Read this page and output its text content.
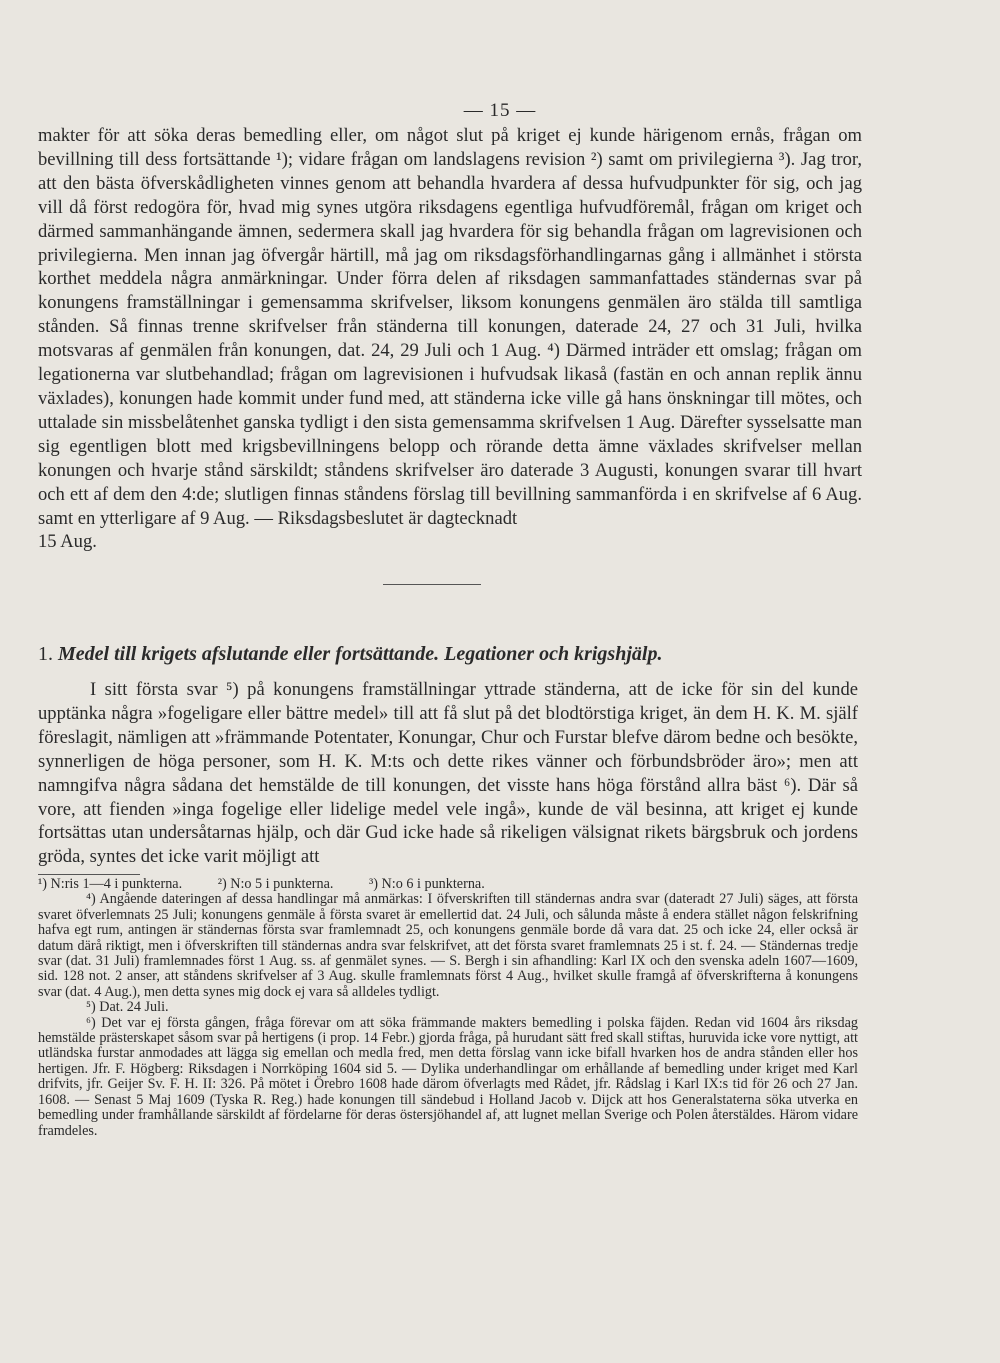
— 15 —

makter för att söka deras bemedling eller, om något slut på kriget ej kunde härigenom ernås, frågan om bevillning till dess fortsättande ¹); vidare frågan om landslagens revision ²) samt om privilegierna ³). Jag tror, att den bästa öfverskådligheten vinnes genom att behandla hvardera af dessa hufvudpunkter för sig, och jag vill då först redogöra för, hvad mig synes utgöra riksdagens egentliga hufvudföremål, frågan om kriget och därmed sammanhängande ämnen, sedermera skall jag hvardera för sig behandla frågan om lagrevisionen och privilegierna. Men innan jag öfvergår härtill, må jag om riksdagsförhandlingarnas gång i allmänhet i största korthet meddela några anmärkningar. Under förra delen af riksdagen sammanfattades ständernas svar på konungens framställningar i gemensamma skrifvelser, liksom konungens genmälen äro stälda till samtliga stånden. Så finnas trenne skrifvelser från ständerna till konungen, daterade 24, 27 och 31 Juli, hvilka motsvaras af genmälen från konungen, dat. 24, 29 Juli och 1 Aug. ⁴) Därmed inträder ett omslag; frågan om legationerna var slutbehandlad; frågan om lagrevisionen i hufvudsak likaså (fastän en och annan replik ännu växlades), konungen hade kommit under fund med, att ständerna icke ville gå hans önskningar till mötes, och uttalade sin missbelåtenhet ganska tydligt i den sista gemensamma skrifvelsen 1 Aug. Därefter sysselsatte man sig egentligen blott med krigsbevillningens belopp och rörande detta ämne växlades skrifvelser mellan konungen och hvarje stånd särskildt; ståndens skrifvelser äro daterade 3 Augusti, konungen svarar till hvart och ett af dem den 4:de; slutligen finnas ståndens förslag till bevillning sammanförda i en skrifvelse af 6 Aug. samt en ytterligare af 9 Aug. — Riksdagsbeslutet är dagtecknadt

15 Aug.

1. Medel till krigets afslutande eller fortsättande. Legationer och krigshjälp.

I sitt första svar ⁵) på konungens framställningar yttrade ständerna, att de icke för sin del kunde upptänka några »fogeligare eller bättre medel» till att få slut på det blodtörstiga kriget, än dem H. K. M. själf föreslagit, nämligen att »främmande Potentater, Konungar, Chur och Furstar blefve därom bedne och besökte, synnerligen de höga personer, som H. K. M:ts och dette rikes vänner och förbundsbröder äro»; men att namngifva några sådana det hemstälde de till konungen, det visste hans höga förstånd allra bäst ⁶). Där så vore, att fienden »inga fogelige eller lidelige medel vele ingå», kunde de väl besinna, att kriget ej kunde fortsättas utan undersåtarnas hjälp, och där Gud icke hade så rikeligen välsignat rikets bärgsbruk och jordens gröda, syntes det icke varit möjligt att

¹) N:ris 1—4 i punkterna.	²) N:o 5 i punkterna.	³) N:o 6 i punkterna.

⁴) Angående dateringen af dessa handlingar må anmärkas: I öfverskriften till ständernas andra svar (dateradt 27 Juli) säges, att första svaret öfverlemnats 25 Juli; konungens genmäle å första svaret är emellertid dat. 24 Juli, och sålunda måste å endera stället någon felskrifning hafva egt rum, antingen är ständernas första svar framlemnadt 25, och konungens genmäle borde då vara dat. 25 och icke 24, eller också är datum därå riktigt, men i öfverskriften till ständernas andra svar felskrifvet, att det första svaret framlemnats 25 i st. f. 24. — Ständernas tredje svar (dat. 31 Juli) framlemnades först 1 Aug. ss. af genmälet synes. — S. Bergh i sin afhandling: Karl IX och den svenska adeln 1607—1609, sid. 128 not. 2 anser, att ståndens skrifvelser af 3 Aug. skulle framlemnats först 4 Aug., hvilket skulle framgå af öfverskrifterna å konungens svar (dat. 4 Aug.), men detta synes mig dock ej vara så alldeles tydligt.

⁵) Dat. 24 Juli.

⁶) Det var ej första gången, fråga förevar om att söka främmande makters bemedling i polska fäjden. Redan vid 1604 års riksdag hemstälde prästerskapet såsom svar på hertigens (i prop. 14 Febr.) gjorda fråga, på hurudant sätt fred skall stiftas, huruvida icke vore nyttigt, att utländska furstar anmodades att lägga sig emellan och medla fred, men detta förslag vann icke bifall hvarken hos de andra stånden eller hos hertigen. Jfr. F. Högberg: Riksdagen i Norrköping 1604 sid 5. — Dylika underhandlingar om erhållande af bemedling under kriget med Karl drifvits, jfr. Geijer Sv. F. H. II: 326. På mötet i Örebro 1608 hade därom öfverlagts med Rådet, jfr. Rådslag i Karl IX:s tid för 26 och 27 Jan. 1608. — Senast 5 Maj 1609 (Tyska R. Reg.) hade konungen till sändebud i Holland Jacob v. Dijck att hos Generalstaterna söka utverka en bemedling under framhållande särskildt af fördelarne för deras östersjöhandel af, att lugnet mellan Sverige och Polen återstäldes. Härom vidare framdeles.
